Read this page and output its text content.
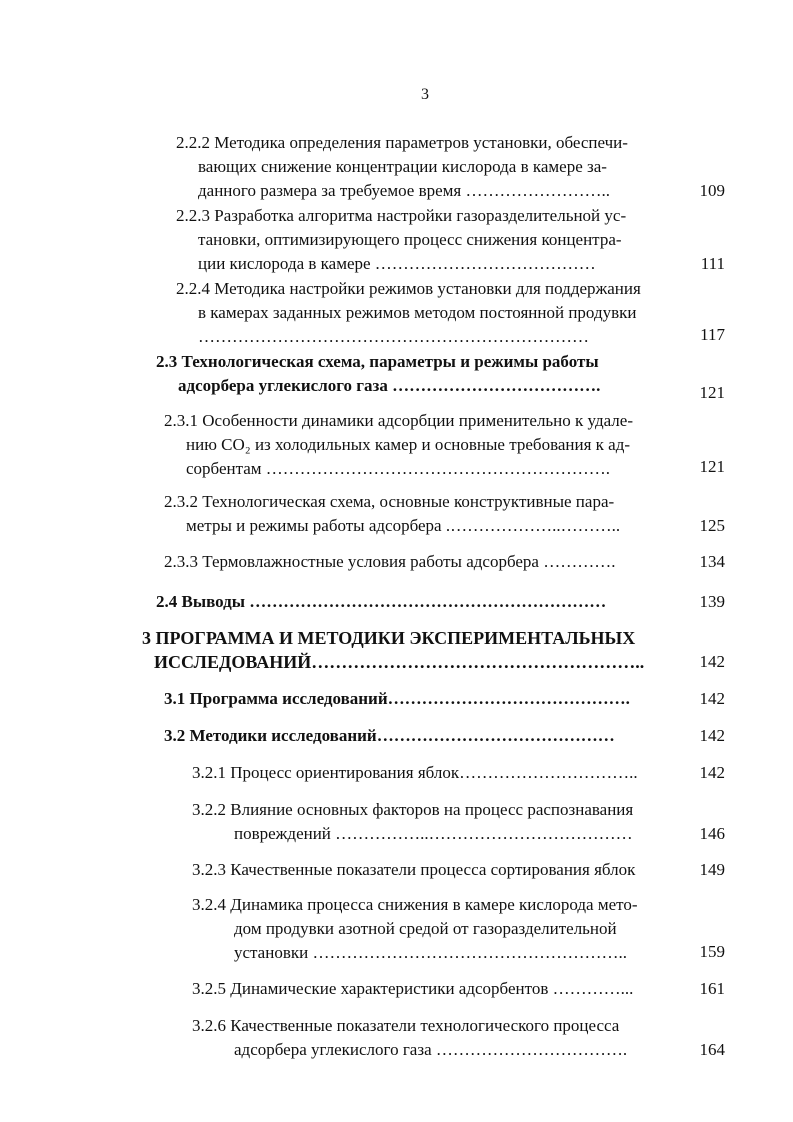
3
2.2.2 Методика определения параметров установки, обеспечи-
вающих снижение концентрации кислорода в камере за-
данного размера за требуемое время ……………………..	109
2.2.3 Разработка алгоритма настройки газоразделительной ус-
тановки, оптимизирующего процесс снижения концентра-
ции кислорода в камере …………………………………	111
2.2.4 Методика настройки режимов установки для поддержания
в камерах заданных режимов методом постоянной продувки
……………………………………………………………	117
2.3 Технологическая схема, параметры и режимы работы
адсорбера углекислого газа ……………………………….	121
2.3.1 Особенности динамики адсорбции применительно к удале-
нию CO₂ из холодильных камер и основные требования к ад-
сорбентам …………………………………………………….	121
2.3.2 Технологическая схема, основные конструктивные пара-
метры и режимы работы адсорбера .………………..………..	125
2.3.3 Термовлажностные условия работы адсорбера ………….	134
2.4 Выводы ………………………………………………………	139
3 ПРОГРАММА И МЕТОДИКИ ЭКСПЕРИМЕНТАЛЬНЫХ
ИССЛЕДОВАНИЙ………………………………………………..	142
3.1 Программа исследований…………………………………….	142
3.2 Методики исследований……………………………………	142
3.2.1 Процесс ориентирования яблок…………………………..	142
3.2.2 Влияние основных факторов на процесс распознавания
повреждений ……………..………………………………	146
3.2.3 Качественные показатели процесса сортирования яблок	149
3.2.4 Динамика процесса снижения в камере кислорода мето-
дом продувки азотной средой от газоразделительной
установки ………………………………………………..	159
3.2.5 Динамические характеристики адсорбентов …………...	161
3.2.6 Качественные показатели технологического процесса
адсорбера углекислого газа …………………………….	164
